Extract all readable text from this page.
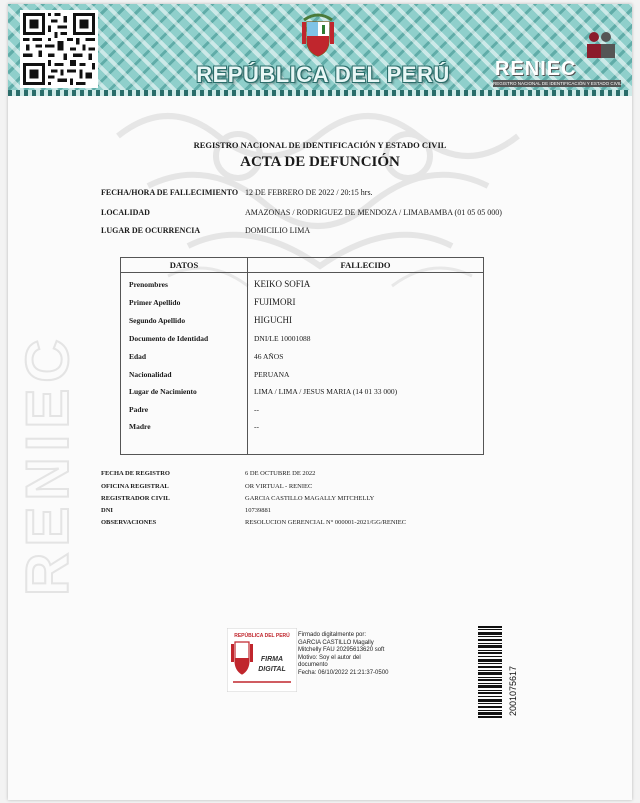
REPÚBLICA DEL PERÚ	RENIEC
REGISTRO NACIONAL DE IDENTIFICACIÓN Y ESTADO CIVIL
RENIEC
REGISTRO NACIONAL DE IDENTIFICACIÓN Y ESTADO CIVIL
ACTA DE DEFUNCIÓN
FECHA/HORA DE FALLECIMIENTO 12 DE FEBRERO DE 2022 / 20:15 hrs.
LOCALIDAD	AMAZONAS / RODRIGUEZ DE MENDOZA / LIMABAMBA (01 05 05 000)
LUGAR DE OCURRENCIA	DOMICILIO LIMA
DATOS	FALLECIDO
Prenombres	KEIKO SOFIA
Primer Apellido	FUJIMORI
Segundo Apellido	HIGUCHI
Documento de Identidad	DNI/LE 10001088
Edad	46 AÑOS
Nacionalidad	PERUANA
Lugar de Nacimiento	LIMA / LIMA / JESUS MARIA (14 01 33 000)
Padre	--
Madre	--
FECHA DE REGISTRO	6 DE OCTUBRE DE 2022
OFICINA REGISTRAL	OR VIRTUAL - RENIEC
REGISTRADOR CIVIL	GARCIA CASTILLO MAGALLY MITCHELLY
DNI	10739881
OBSERVACIONES	RESOLUCION GERENCIAL N° 000001-2021/GG/RENIEC
REPÚBLICA DEL PERÚ
FIRMA
DIGITAL
Firmado digitalmente por:
GARCIA CASTILLO Magally
Mitchelly FAU 20295613620 soft
Motivo: Soy el autor del
documento
Fecha: 06/10/2022 21:21:37-0500	2001075617
